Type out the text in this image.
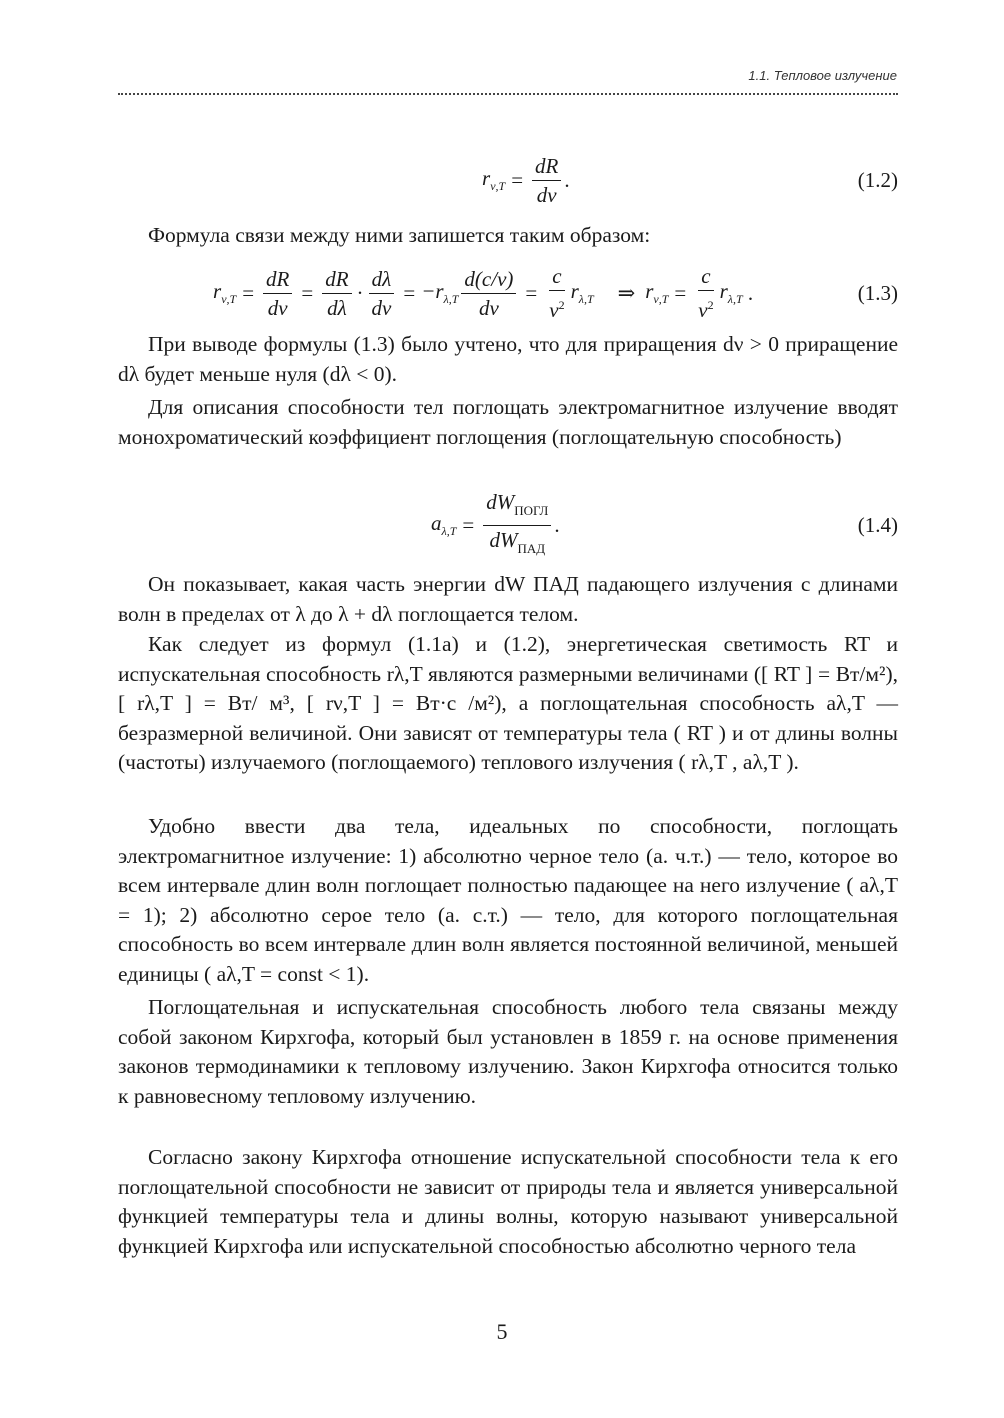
1.1. Тепловое излучение
$r_{\nu,T} = \frac{dR}{d\nu}$ .	(1.2)

Формула связи между ними запишется таким образом:

$r_{\nu,T} = \frac{dR}{d\nu} = \frac{dR}{d\lambda} \cdot \frac{d\lambda}{d\nu} = -r_{\lambda,T} \frac{d(c/\nu)}{d\nu} = \frac{c}{\nu^2} r_{\lambda,T}$ ⇒ $r_{\nu,T} = \frac{c}{\nu^2} r_{\lambda,T}$ .	(1.3)

При выводе формулы (1.3) было учтено, что для приращения dν > 0 приращение dλ будет меньше нуля (dλ < 0).

Для описания способности тел поглощать электромагнитное излучение вводят монохроматический коэффициент поглощения (поглощательную способность)

$a_{\lambda,T} = \frac{dW_{ПОГЛ}}{dW_{ПАД}}$ .	(1.4)

Он показывает, какая часть энергии dW ПАД падающего излучения с длинами волн в пределах от λ до λ + dλ поглощается телом.

Как следует из формул (1.1а) и (1.2), энергетическая светимость RT и испускательная способность rλ,T являются размерными величинами ([ RT ] = Вт/м²), [ rλ,T ] = Вт/ м³, [ rν,T ] = Вт·с /м²), а поглощательная способность aλ,T — безразмерной величиной. Они зависят от температуры тела ( RT ) и от длины волны (частоты) излучаемого (поглощаемого) теплового излучения ( rλ,T , aλ,T ).

Удобно ввести два тела, идеальных по способности, поглощать электромагнитное излучение: 1) абсолютно черное тело (а. ч.т.) — тело, которое во всем интервале длин волн поглощает полностью падающее на него излучение ( aλ,T = 1); 2) абсолютно серое тело (а. с.т.) — тело, для которого поглощательная способность во всем интервале длин волн является постоянной величиной, меньшей единицы ( aλ,T = const < 1).

Поглощательная и испускательная способность любого тела связаны между собой законом Кирхгофа, который был установлен в 1859 г. на основе применения законов термодинамики к тепловому излучению. Закон Кирхгофа относится только к равновесному тепловому излучению.

Согласно закону Кирхгофа отношение испускательной способности тела к его поглощательной способности не зависит от природы тела и является универсальной функцией температуры тела и длины волны, которую называют универсальной функцией Кирхгофа или испускательной способностью абсолютно черного тела

5
